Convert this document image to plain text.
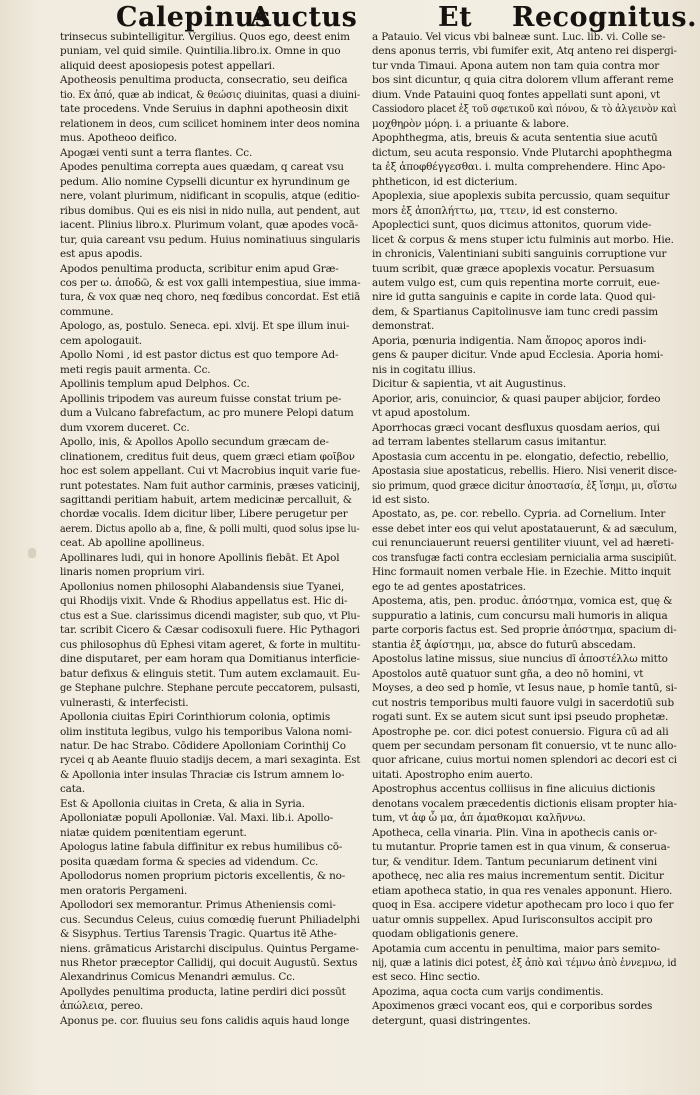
Calepinus
Auctus	Et Recognitus.
trinsecus subintelligitur. Vergilius. Quos ego, deest enim
puniam, vel quid simile. Quintilia.libro.ix. Omne in quo
aliquid deest aposiopesis potest appellari.
Apotheosis penultima producta, consecratio, seu deifica
tio. Ex ἀπό, quæ ab indicat, & θεώσις diuinitas, quasi a diuini-
tate procedens. Vnde Seruius in daphni apotheosin dixit
relationem in deos, cum scilicet hominem inter deos nomina
mus. Apotheoo deifico.
Apogæi venti sunt a terra flantes. Cc.
Apodes penultima correpta aues quædam, q careat vsu
pedum. Alio nomine Cypselli dicuntur ex hyrundinum ge
nere, volant plurimum, nidificant in scopulis, atque (editio-
ribus domibus. Qui es eis nisi in nido nulla, aut pendent, aut
iacent. Plinius libro.x. Plurimum volant, quæ apodes vocā-
tur, quia careant vsu pedum. Huius nominatiuus singularis
est apus apodis.
Apodos penultima producta, scribitur enim apud Græ-
cos per ω. ἀποδῶ, & est vox galli intempestiua, siue imma-
tura, & vox quæ neq choro, neq fœdibus concordat. Est etiā
commune.
Apologo, as, postulo. Seneca. epi. xlvij. Et spe illum inui-
cem apologauit.
Apollo Nomi , id est pastor dictus est quo tempore Ad-
meti regis pauit armenta. Cc.
Apollinis templum apud Delphos. Cc.
Apollinis tripodem vas aureum fuisse constat trium pe-
dum a Vulcano fabrefactum, ac pro munere Pelopi datum
dum vxorem duceret. Cc.
Apollo, inis, & Apollos Apollo secundum græcam de-
clinationem, creditus fuit deus, quem græci etiam φοῖβον
hoc est solem appellant. Cui vt Macrobius inquit varie fue-
runt potestates. Nam fuit author carminis, præses vaticinij,
sagittandi peritiam habuit, artem medicinæ percalluit, &
chordæ vocalis. Idem dicitur liber, Libere perugetur per
aerem. Dictus apollo ab a, fine, & polli multi, quod solus ipse lu-
ceat. Ab apolline apollineus.
Apollinares ludi, qui in honore Apollinis fiebāt. Et Apol
linaris nomen proprium viri.
Apollonius nomen philosophi Alabandensis siue Tyanei,
qui Rhodijs vixit. Vnde & Rhodius appellatus est. Hic di-
ctus est a Sue. clarissimus dicendi magister, sub quo, vt Plu-
tar. scribit Cicero & Cæsar codisoxuli fuere. Hic Pythagori
cus philosophus dū Ephesi vitam ageret, & forte in multitu-
dine disputaret, per eam horam qua Domitianus interficie-
batur defixus & elinguis stetit. Tum autem exclamauit. Eu-
ge Stephane pulchre. Stephane percute peccatorem, pulsasti,
vulnerasti, & interfecisti.
Apollonia ciuitas Epiri Corinthiorum colonia, optimis
olim instituta legibus, vulgo his temporibus Valona nomi-
natur. De hac Strabo. Cōdidere Apolloniam Corinthij Co
rycei q ab Aeante fluuio stadijs decem, a mari sexaginta. Est
& Apollonia inter insulas Thraciæ cis Istrum amnem lo-
cata.
Est & Apollonia ciuitas in Creta, & alia in Syria.
Apolloniatæ populi Apolloniæ. Val. Maxi. lib.i. Apollo-
niatæ quidem pœnitentiam egerunt.
Apologus latine fabula diffinitur ex rebus humilibus cō-
posita quædam forma & species ad videndum. Cc.
Apollodorus nomen proprium pictoris excellentis, & no-
men oratoris Pergameni.
Apollodori sex memorantur. Primus Atheniensis comi-
cus. Secundus Celeus, cuius comœdię fuerunt Philiadelphi
& Sisyphus. Tertius Tarensis Tragic. Quartus itē Athe-
niens. grāmaticus Aristarchi discipulus. Quintus Pergame-
nus Rhetor præceptor Callidij, qui docuit Augustū. Sextus
Alexandrinus Comicus Menandri æmulus. Cc.
Apollydes penultima producta, latine perdiri dici possūt
ἀπώλεια, pereo.
Aponus pe. cor. fluuius seu fons calidis aquis haud longe
a Patauio. Vel vicus vbi balneæ sunt. Luc. lib. vi. Colle se-
dens aponus terris, vbi fumifer exit, Atq anteno rei dispergi-
tur vnda Timaui. Apona autem non tam quia contra mor
bos sint dicuntur, q quia citra dolorem vllum afferant reme
dium. Vnde Patauini quoq fontes appellati sunt aponi, vt
Cassiodoro placet ἐξ τοῦ σφετικοῦ καὶ πόνου, & τὸ ἀλγεινὸν καὶ
μοχθηρὸν μόρη. i. a priuante & labore.
Apophthegma, atis, breuis & acuta sententia siue acutū
dictum, seu acuta responsio. Vnde Plutarchi apophthegma
ta ἐξ ἀποφθέγγεσθαι. i. multa comprehendere. Hinc Apo-
phtheticon, id est dicterium.
Apoplexia, siue apoplexis subita percussio, quam sequitur
mors ἐξ ἀποπλήττω, μα, ττειν, id est consterno.
Apoplectici sunt, quos dicimus attonitos, quorum vide-
licet & corpus & mens stuper ictu fulminis aut morbo. Hie.
in chronicis, Valentiniani subiti sanguinis corruptione vur
tuum scribit, quæ græce apoplexis vocatur. Persuasum
autem vulgo est, cum quis repentina morte corruit, eue-
nire id gutta sanguinis e capite in corde lata. Quod qui-
dem, & Spartianus Capitolinusve iam tunc credi passim
demonstrat.
Aporia, pœnuria indigentia. Nam ἄπορος aporos indi-
gens & pauper dicitur. Vnde apud Ecclesia. Aporia homi-
nis in cogitatu illius.
Dicitur & sapientia, vt ait Augustinus.
Aporior, aris, conuincior, & quasi pauper abijcior, fordeo
vt apud apostolum.
Aporrhocas græci vocant desfluxus quosdam aerios, qui
ad terram labentes stellarum casus imitantur.
Apostasia cum accentu in pe. elongatio, defectio, rebellio,
Apostasia siue apostaticus, rebellis. Hiero. Nisi venerit disce-
sio primum, quod græce dicitur ἀποστασία, ἐξ ἵσημι, μι, σἵστω
id est sisto.
Apostato, as, pe. cor. rebello. Cypria. ad Cornelium. Inter
esse debet inter eos qui velut apostatauerunt, & ad sæculum,
cui renunciauerunt reuersi gentiliter viuunt, vel ad hæreti-
cos transfugæ facti contra ecclesiam pernicialia arma suscipiūt.
Hinc formauit nomen verbale Hie. in Ezechie. Mitto inquit
ego te ad gentes apostatrices.
Apostema, atis, pen. produc. ἀπόστημα, vomica est, quę &
suppuratio a latinis, cum concursu mali humoris in aliqua
parte corporis factus est. Sed proprie ἀπόστημα, spacium di-
stantia ἐξ ἀφίστημι, μα, absce do futurū abscedam.
Apostolus latine missus, siue nuncius dī ἀποστέλλω mitto
Apostolos autē quatuor sunt gña, a deo nō homini, vt
Moyses, a deo sed p homīe, vt Iesus naue, p homīe tantū, si-
cut nostris temporibus multi fauore vulgi in sacerdotiū sub
rogati sunt. Ex se autem sicut sunt ipsi pseudo prophetæ.
Apostrophe pe. cor. dici potest conuersio. Figura cū ad ali
quem per secundam personam fit conuersio, vt te nunc allo-
quor africane, cuius mortui nomen splendori ac decori est ci
uitati. Apostropho enim auerto.
Apostrophus accentus colliisus in fine alicuius dictionis
denotans vocalem præcedentis dictionis elisam propter hia-
tum, vt ἀφ ὦ μα, ἀπ ἀμαθκομαι καλῆννω.
Apotheca, cella vinaria. Plin. Vina in apothecis canis or-
tu mutantur. Proprie tamen est in qua vinum, & conserua-
tur, & venditur. Idem. Tantum pecuniarum detinent vini
apothecę, nec alia res maius incrementum sentit. Dicitur
etiam apotheca statio, in qua res venales apponunt. Hiero.
quoq in Esa. accipere videtur apothecam pro loco i quo fer
uatur omnis suppellex. Apud Iurisconsultos accipit pro
quodam obligationis genere.
Apotamia cum accentu in penultima, maior pars semito-
nij, quæ a latinis dici potest, ἐξ ἀπὸ καὶ τέμνω ἀπὸ ἐννεμνω, id
est seco. Hinc sectio.
Apozima, aqua cocta cum varijs condimentis.
Apoximenos græci vocant eos, qui e corporibus sordes
detergunt, quasi distringentes.
